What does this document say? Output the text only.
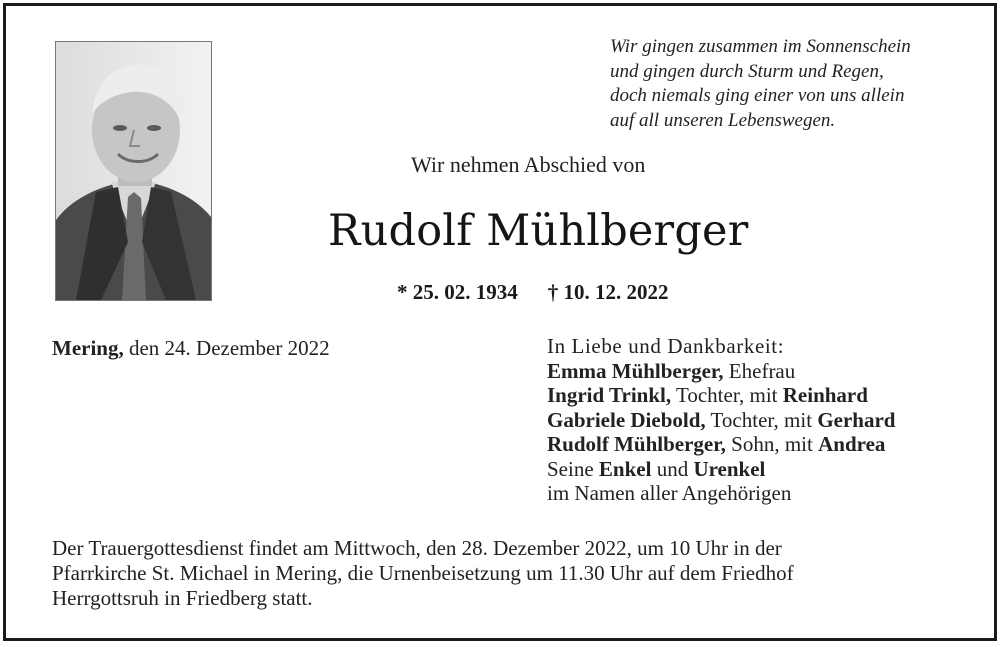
Wir gingen zusammen im Sonnenschein
und gingen durch Sturm und Regen,
doch niemals ging einer von uns allein
auf all unseren Lebenswegen.
Wir nehmen Abschied von
Rudolf Mühlberger
* 25. 02. 1934 † 10. 12. 2022
Mering, den 24. Dezember 2022	In Liebe und Dankbarkeit:
Emma Mühlberger, Ehefrau
Ingrid Trinkl, Tochter, mit Reinhard
Gabriele Diebold, Tochter, mit Gerhard
Rudolf Mühlberger, Sohn, mit Andrea
Seine Enkel und Urenkel
im Namen aller Angehörigen
Der Trauergottesdienst findet am Mittwoch, den 28. Dezember 2022, um 10 Uhr in der
Pfarrkirche St. Michael in Mering, die Urnenbeisetzung um 11.30 Uhr auf dem Friedhof
Herrgottsruh in Friedberg statt.
